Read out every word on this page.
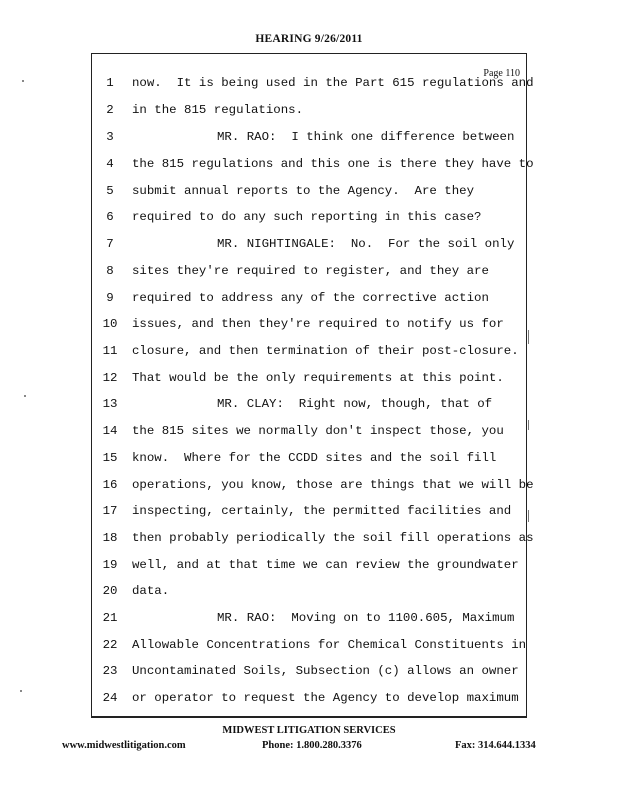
HEARING 9/26/2011
Page 110
1	now.  It is being used in the Part 615 regulations and
2	in the 815 regulations.
3	MR. RAO:  I think one difference between
4	the 815 regulations and this one is there they have to
5	submit annual reports to the Agency.  Are they
6	required to do any such reporting in this case?
7	MR. NIGHTINGALE:  No.  For the soil only
8	sites they're required to register, and they are
9	required to address any of the corrective action
10 issues, and then they're required to notify us for
11 closure, and then termination of their post-closure.
12 That would be the only requirements at this point.
13	MR. CLAY:  Right now, though, that of
14 the 815 sites we normally don't inspect those, you
15 know.  Where for the CCDD sites and the soil fill
16 operations, you know, those are things that we will be
17 inspecting, certainly, the permitted facilities and
18 then probably periodically the soil fill operations as
19 well, and at that time we can review the groundwater
20 data.
21	MR. RAO:  Moving on to 1100.605, Maximum
22 Allowable Concentrations for Chemical Constituents in
23 Uncontaminated Soils, Subsection (c) allows an owner
24 or operator to request the Agency to develop maximum
MIDWEST LITIGATION SERVICES
www.midwestlitigation.com	Phone: 1.800.280.3376	Fax: 314.644.1334
